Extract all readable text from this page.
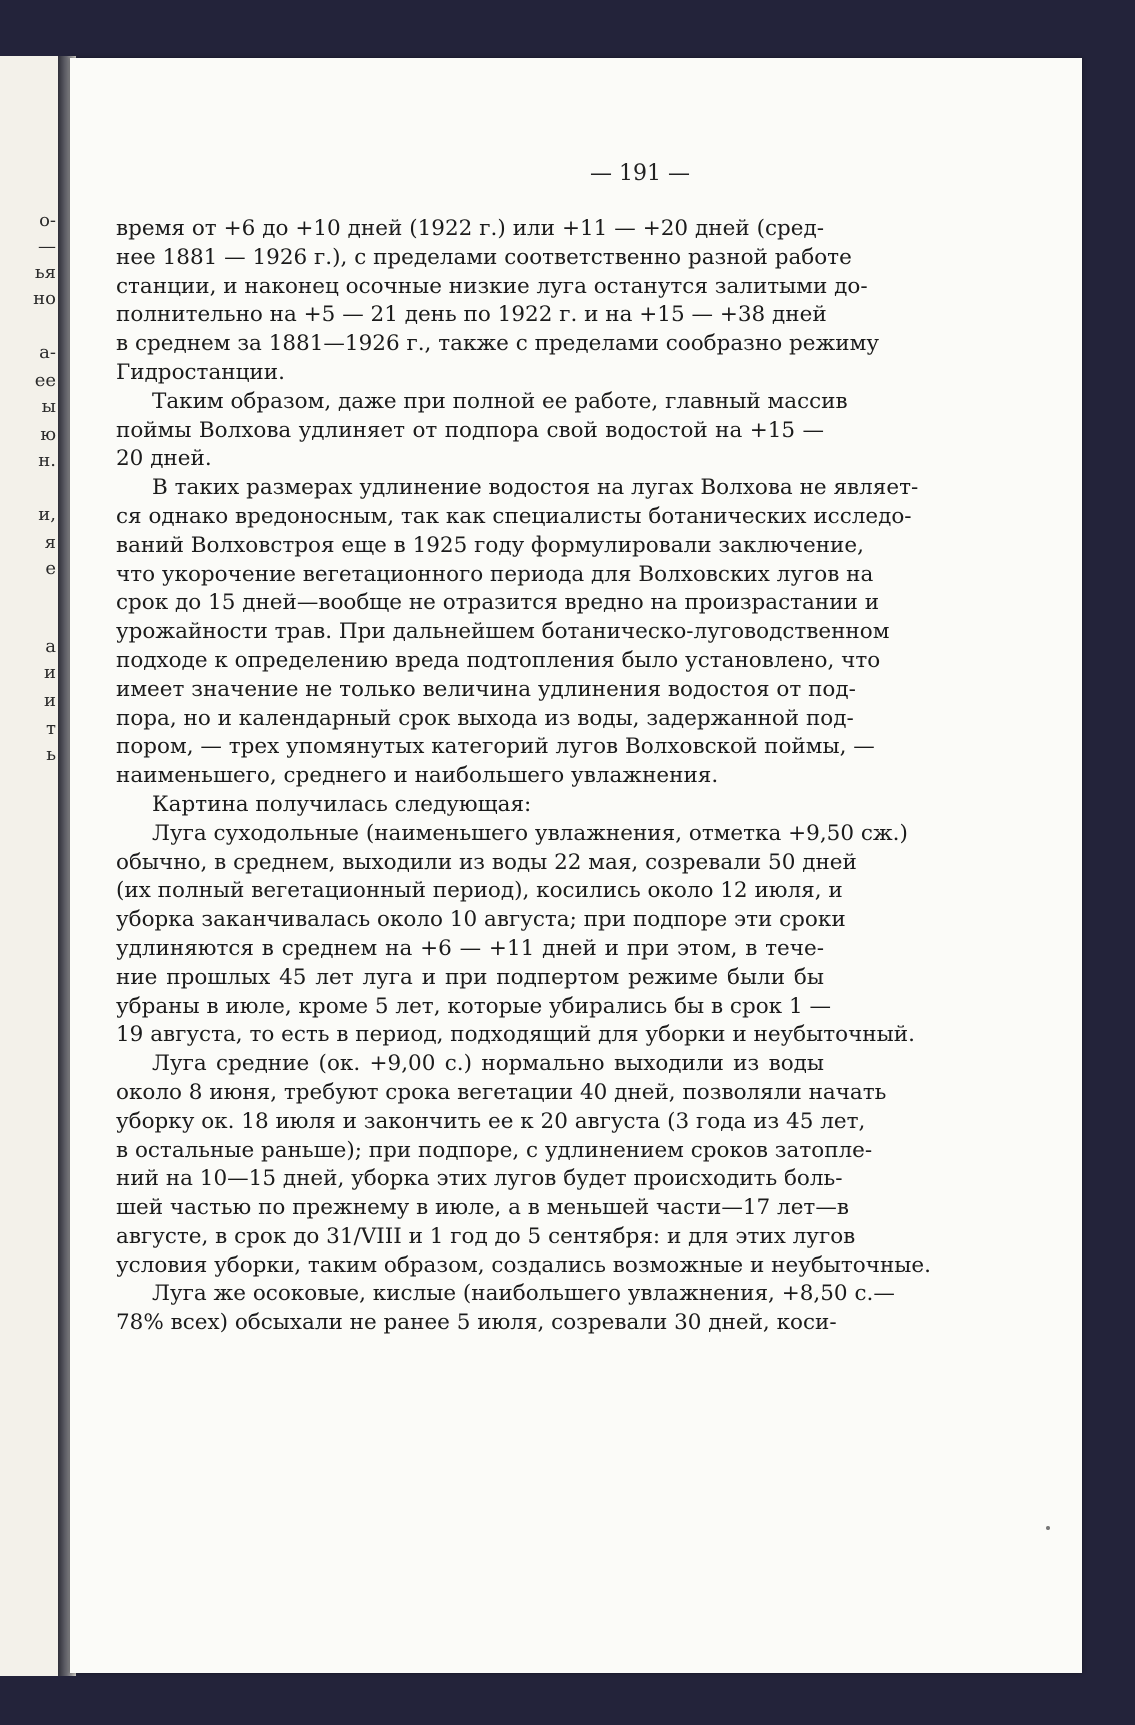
о-
—
ья
но
а-
ее
ы
ю
н.
и,
я
е
а
и
и
т
ь
— 191 —
время от +6 до +10 дней (1922 г.) или +11 — +20 дней (сред-
нее 1881 — 1926 г.), с пределами соответственно разной работе
станции, и наконец осочные низкие луга останутся залитыми до-
полнительно на +5 — 21 день по 1922 г. и на +15 — +38 дней
в среднем за 1881—1926 г., также с пределами сообразно режиму
Гидростанции.
Таким образом, даже при полной ее работе, главный массив
поймы Волхова удлиняет от подпора свой водостой на +15 —
20 дней.
В таких размерах удлинение водостоя на лугах Волхова не являет-
ся однако вредоносным, так как специалисты ботанических исследо-
ваний Волховстроя еще в 1925 году формулировали заключение,
что укорочение вегетационного периода для Волховских лугов на
срок до 15 дней—вообще не отразится вредно на произрастании и
урожайности трав. При дальнейшем ботаническо-луговодственном
подходе к определению вреда подтопления было установлено, что
имеет значение не только величина удлинения водостоя от под-
пора, но и календарный срок выхода из воды, задержанной под-
пором, — трех упомянутых категорий лугов Волховской поймы, —
наименьшего, среднего и наибольшего увлажнения.
Картина получилась следующая:
Луга суходольные (наименьшего увлажнения, отметка +9,50 сж.)
обычно, в среднем, выходили из воды 22 мая, созревали 50 дней
(их полный вегетационный период), косились около 12 июля, и
уборка заканчивалась около 10 августа; при подпоре эти сроки
удлиняются в среднем на +6 — +11 дней и при этом, в тече-
ние прошлых 45 лет луга и при подпертом режиме были бы
убраны в июле, кроме 5 лет, которые убирались бы в срок 1 —
19 августа, то есть в период, подходящий для уборки и неубыточный.
Луга средние (ок. +9,00 с.) нормально выходили из воды
около 8 июня, требуют срока вегетации 40 дней, позволяли начать
уборку ок. 18 июля и закончить ее к 20 августа (3 года из 45 лет,
в остальные раньше); при подпоре, с удлинением сроков затопле-
ний на 10—15 дней, уборка этих лугов будет происходить боль-
шей частью по прежнему в июле, а в меньшей части—17 лет—в
августе, в срок до 31/VIII и 1 год до 5 сентября: и для этих лугов
условия уборки, таким образом, создались возможные и неубыточные.
Луга же осоковые, кислые (наибольшего увлажнения, +8,50 с.—
78% всех) обсыхали не ранее 5 июля, созревали 30 дней, коси-
